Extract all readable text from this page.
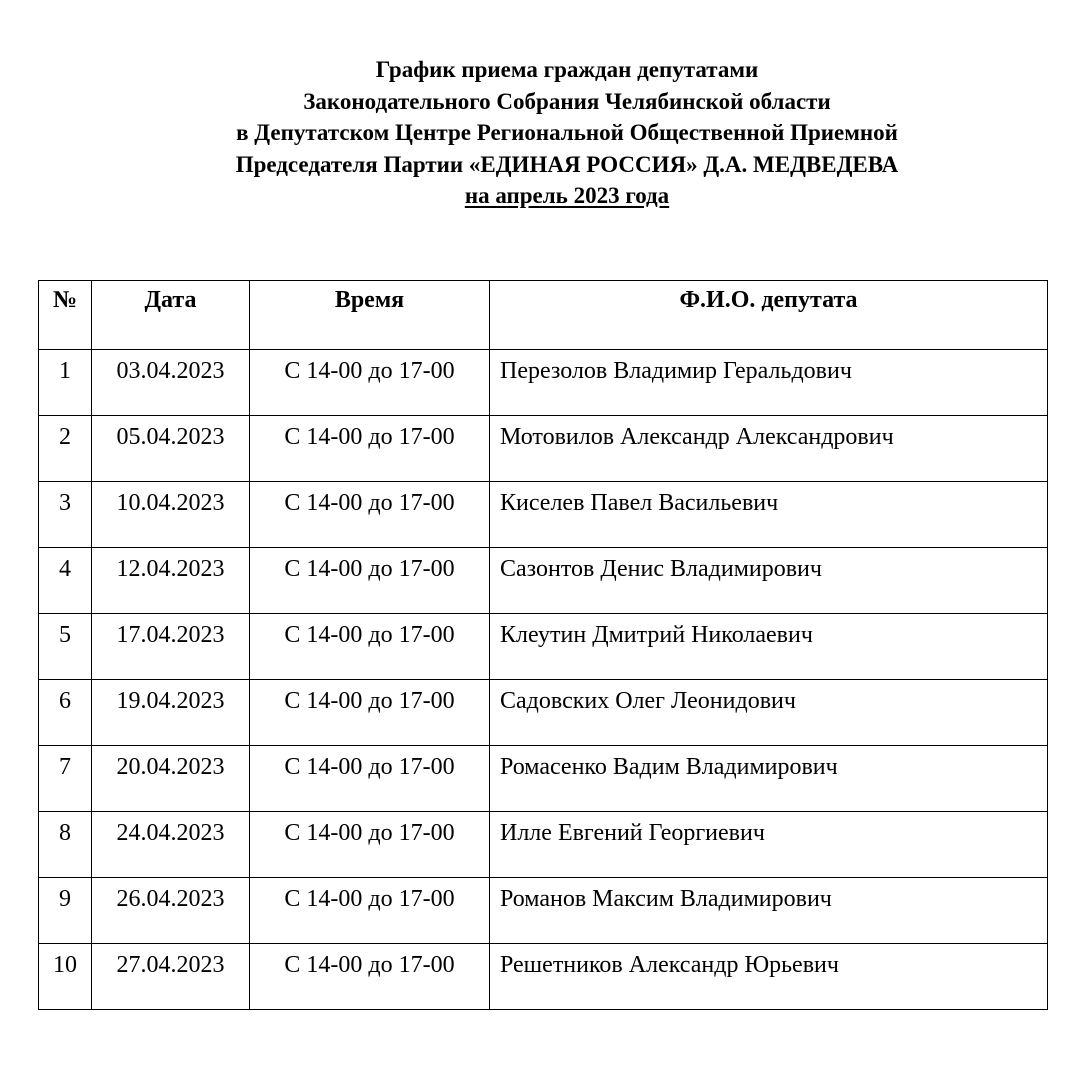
График приема граждан депутатами
Законодательного Собрания Челябинской области
в Депутатском Центре Региональной Общественной Приемной
Председателя Партии «ЕДИНАЯ РОССИЯ» Д.А. МЕДВЕДЕВА
на апрель 2023 года
№	Дата	Время	Ф.И.О. депутата
1	03.04.2023	С 14-00 до 17-00	Перезолов Владимир Геральдович
2	05.04.2023	С 14-00 до 17-00	Мотовилов Александр Александрович
3	10.04.2023	С 14-00 до 17-00	Киселев Павел Васильевич
4	12.04.2023	С 14-00 до 17-00	Сазонтов Денис Владимирович
5	17.04.2023	С 14-00 до 17-00	Клеутин Дмитрий Николаевич
6	19.04.2023	С 14-00 до 17-00	Садовских Олег Леонидович
7	20.04.2023	С 14-00 до 17-00	Ромасенко Вадим Владимирович
8	24.04.2023	С 14-00 до 17-00	Илле Евгений Георгиевич
9	26.04.2023	С 14-00 до 17-00	Романов Максим Владимирович
10	27.04.2023	С 14-00 до 17-00	Решетников Александр Юрьевич
